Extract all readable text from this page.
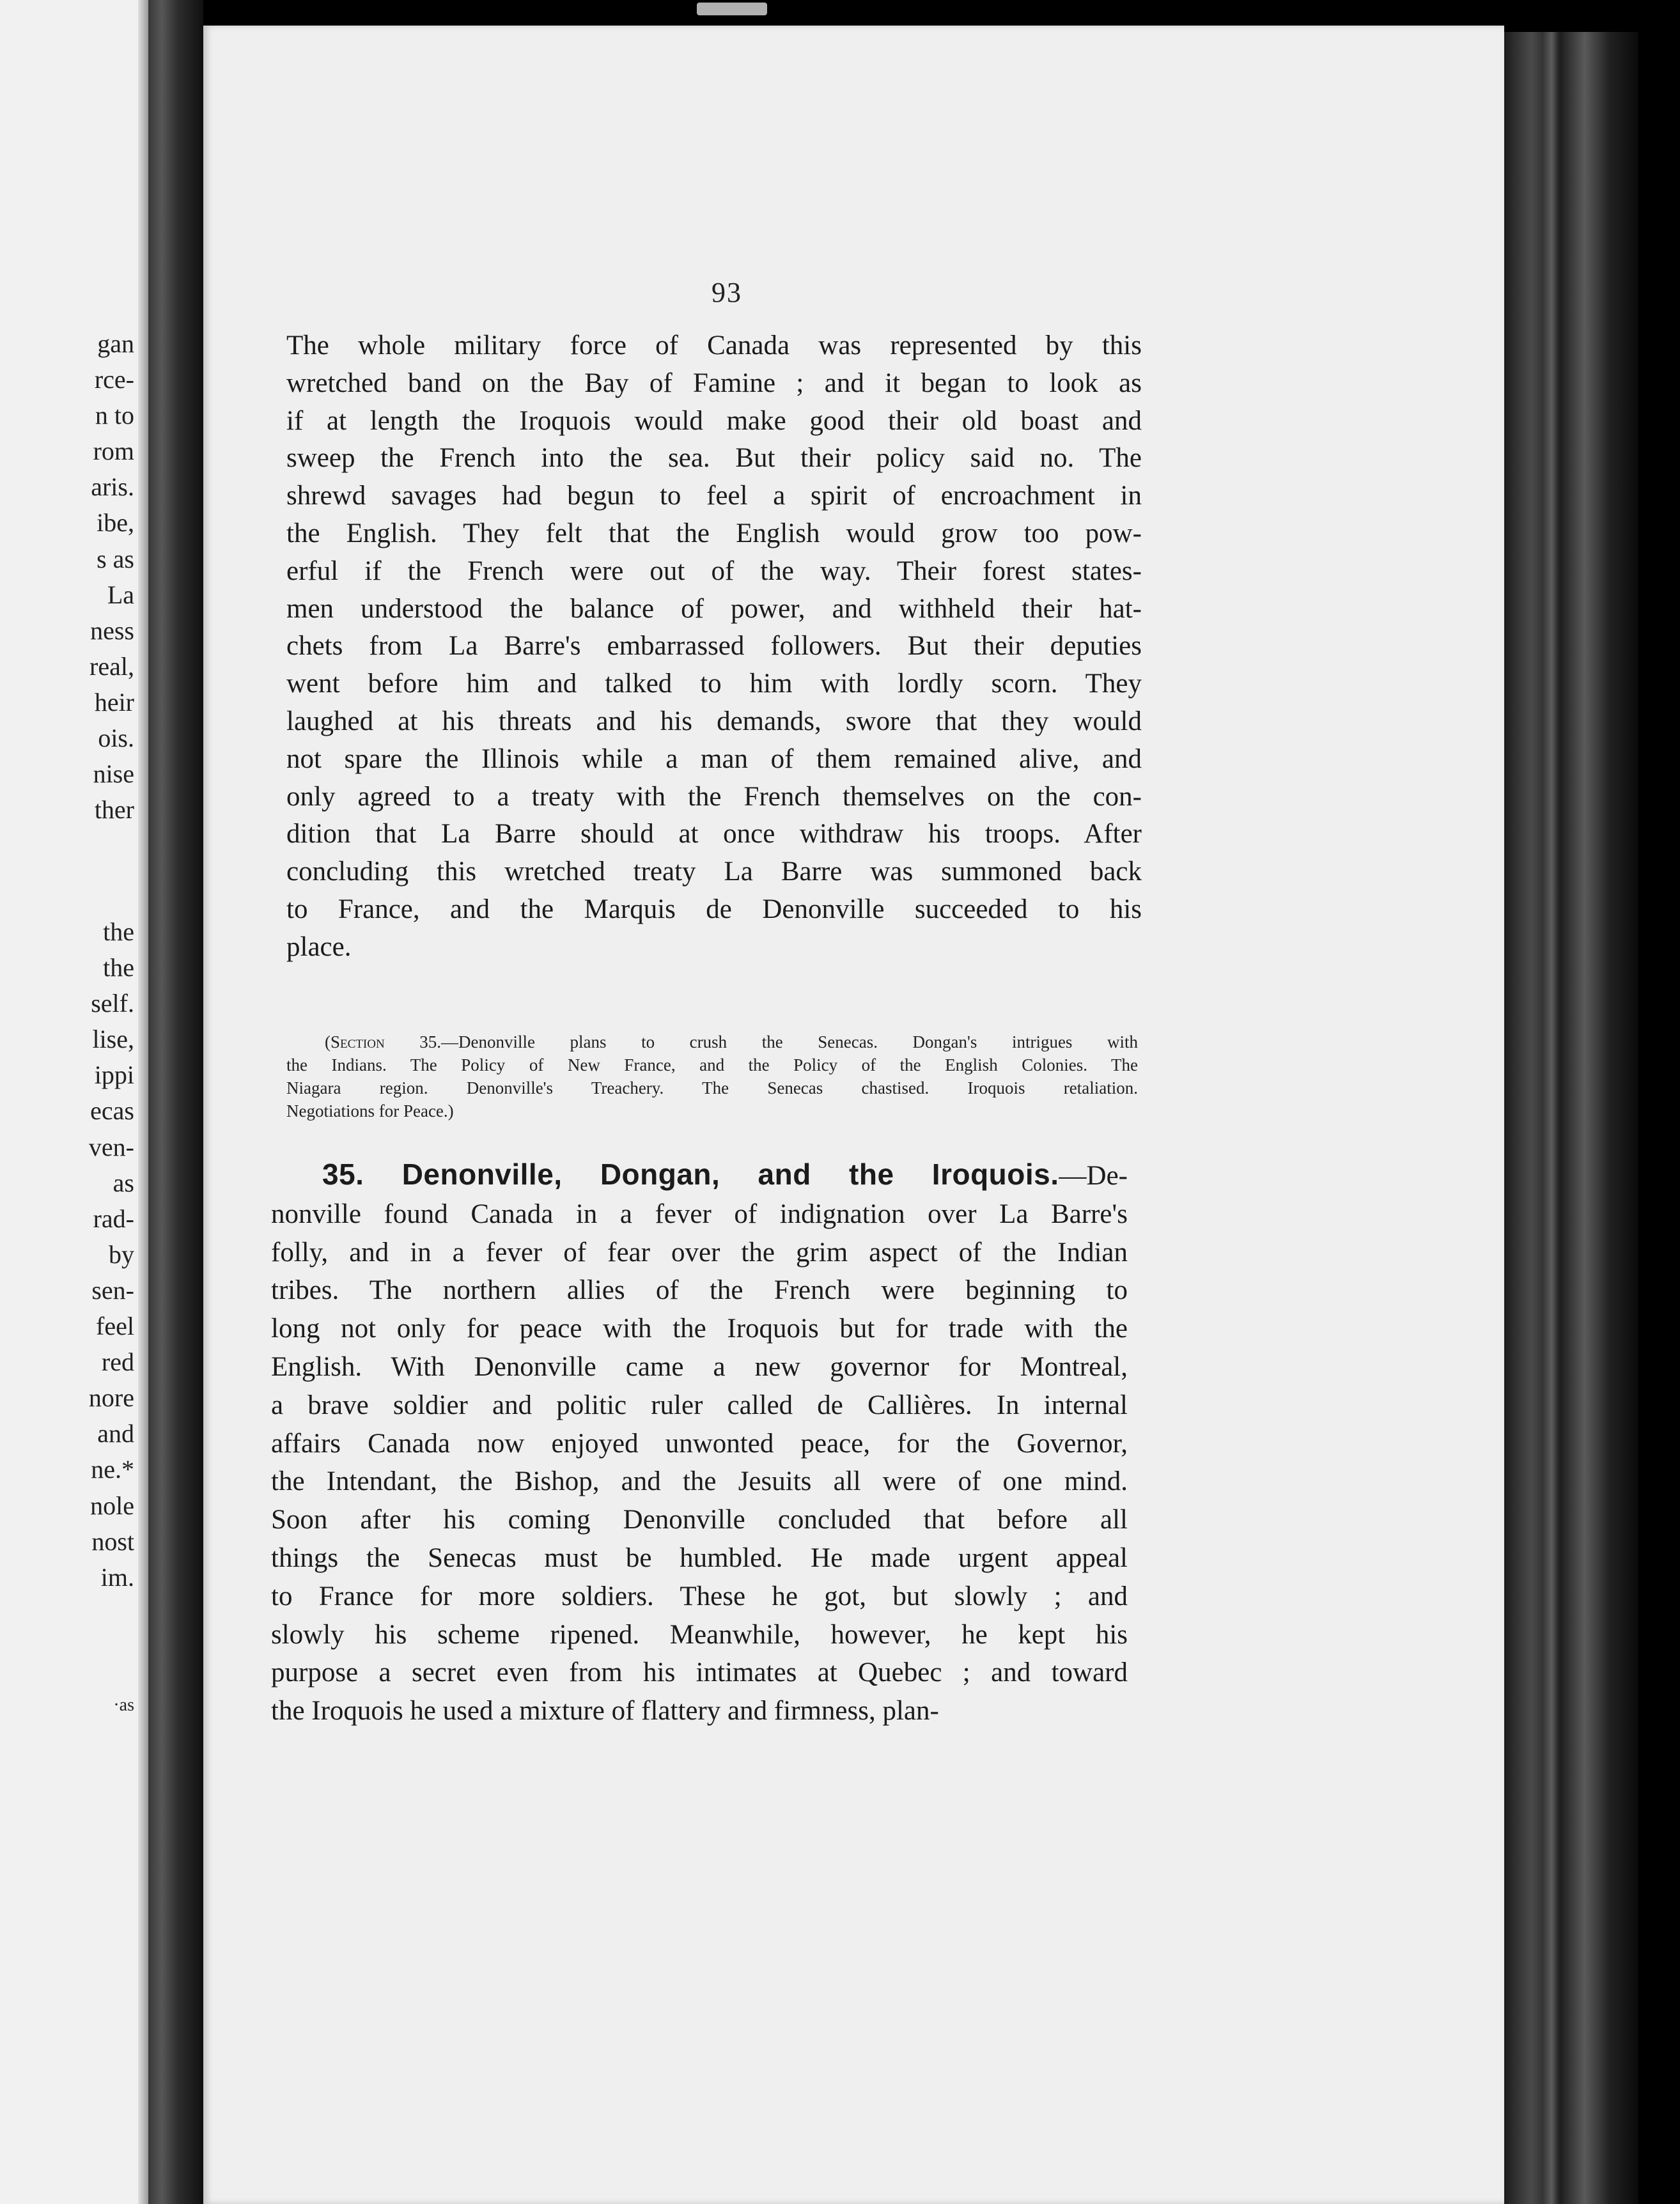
gan
rce-
n to
rom
aris.
ibe,
s as
La
ness
real,
heir
ois.
nise
ther
the
the
self.
lise,
ippi
ecas
ven-
as
rad-
by
sen-
feel
red
nore
and
ne.*
nole
nost
im.
·as
93
The whole military force of Canada was represented by this
wretched band on the Bay of Famine ; and it began to look as
if at length the Iroquois would make good their old boast and
sweep the French into the sea. But their policy said no. The
shrewd savages had begun to feel a spirit of encroachment in
the English. They felt that the English would grow too pow-
erful if the French were out of the way. Their forest states-
men understood the balance of power, and withheld their hat-
chets from La Barre's embarrassed followers. But their deputies
went before him and talked to him with lordly scorn. They
laughed at his threats and his demands, swore that they would
not spare the Illinois while a man of them remained alive, and
only agreed to a treaty with the French themselves on the con-
dition that La Barre should at once withdraw his troops. After
concluding this wretched treaty La Barre was summoned back
to France, and the Marquis de Denonville succeeded to his
place.
(Section 35.—Denonville plans to crush the Senecas. Dongan's intrigues with
the Indians. The Policy of New France, and the Policy of the English Colonies. The
Niagara region. Denonville's Treachery. The Senecas chastised. Iroquois retaliation.
Negotiations for Peace.)
35. Denonville, Dongan, and the Iroquois.—De-
nonville found Canada in a fever of indignation over La Barre's
folly, and in a fever of fear over the grim aspect of the Indian
tribes. The northern allies of the French were beginning to
long not only for peace with the Iroquois but for trade with the
English. With Denonville came a new governor for Montreal,
a brave soldier and politic ruler called de Callières. In internal
affairs Canada now enjoyed unwonted peace, for the Governor,
the Intendant, the Bishop, and the Jesuits all were of one mind.
Soon after his coming Denonville concluded that before all
things the Senecas must be humbled. He made urgent appeal
to France for more soldiers. These he got, but slowly ; and
slowly his scheme ripened. Meanwhile, however, he kept his
purpose a secret even from his intimates at Quebec ; and toward
the Iroquois he used a mixture of flattery and firmness, plan-
